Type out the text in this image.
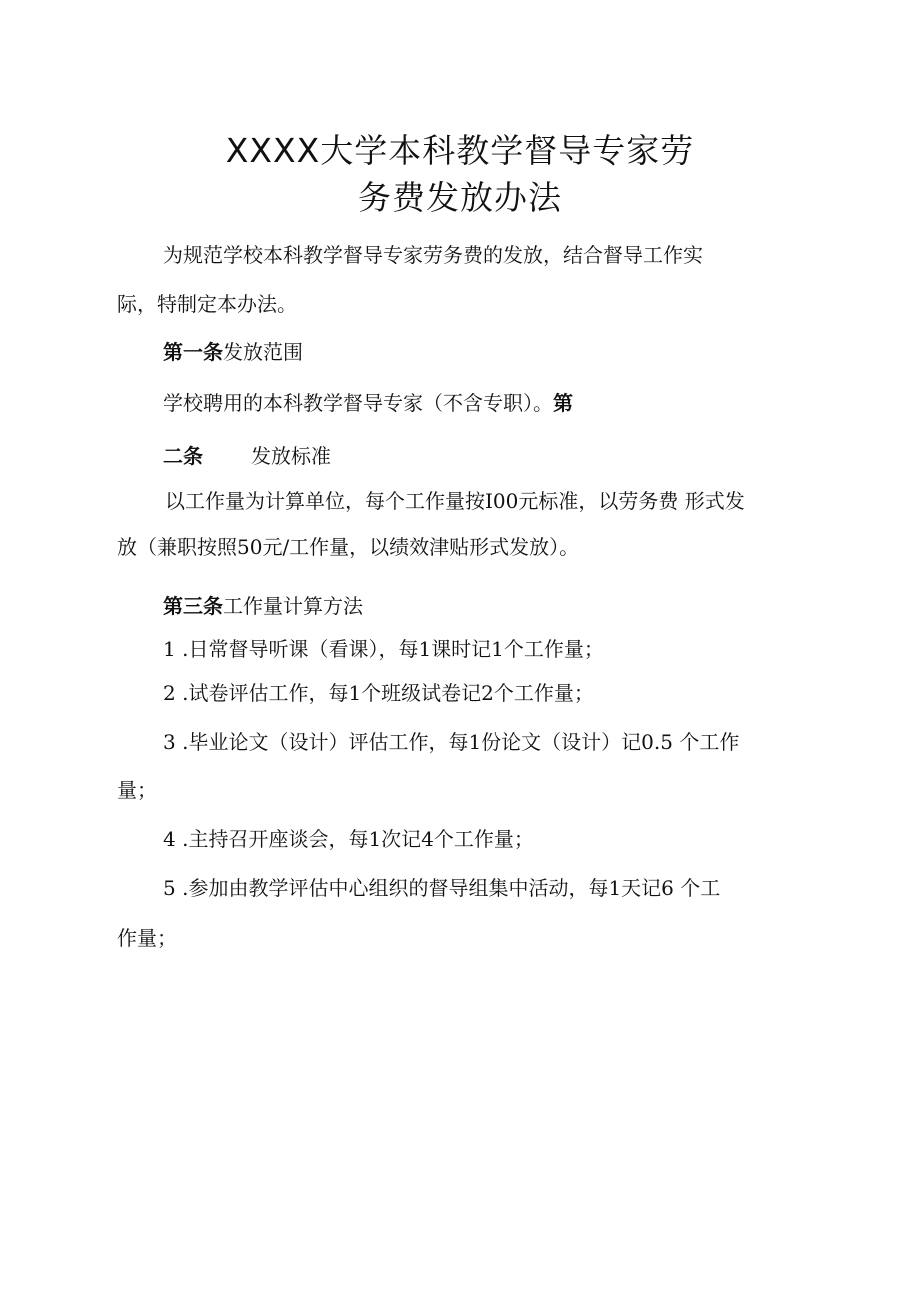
XXXX大学本科教学督导专家劳
务费发放办法
为规范学校本科教学督导专家劳务费的发放，结合督导工作实
际，特制定本办法。
第一条发放范围
学校聘用的本科教学督导专家（不含专职）。第
二条 发放标准
以工作量为计算单位，每个工作量按I00元标准，以劳务费 形式发
放（兼职按照50元/工作量，以绩效津贴形式发放）。
第三条工作量计算方法
1 .日常督导听课（看课），每1课时记1个工作量；
2 .试卷评估工作，每1个班级试卷记2个工作量；
3 .毕业论文（设计）评估工作，每1份论文（设计）记0.5 个工作
量；
4 .主持召开座谈会，每1次记4个工作量；
5 .参加由教学评估中心组织的督导组集中活动，每1天记6 个工
作量；
